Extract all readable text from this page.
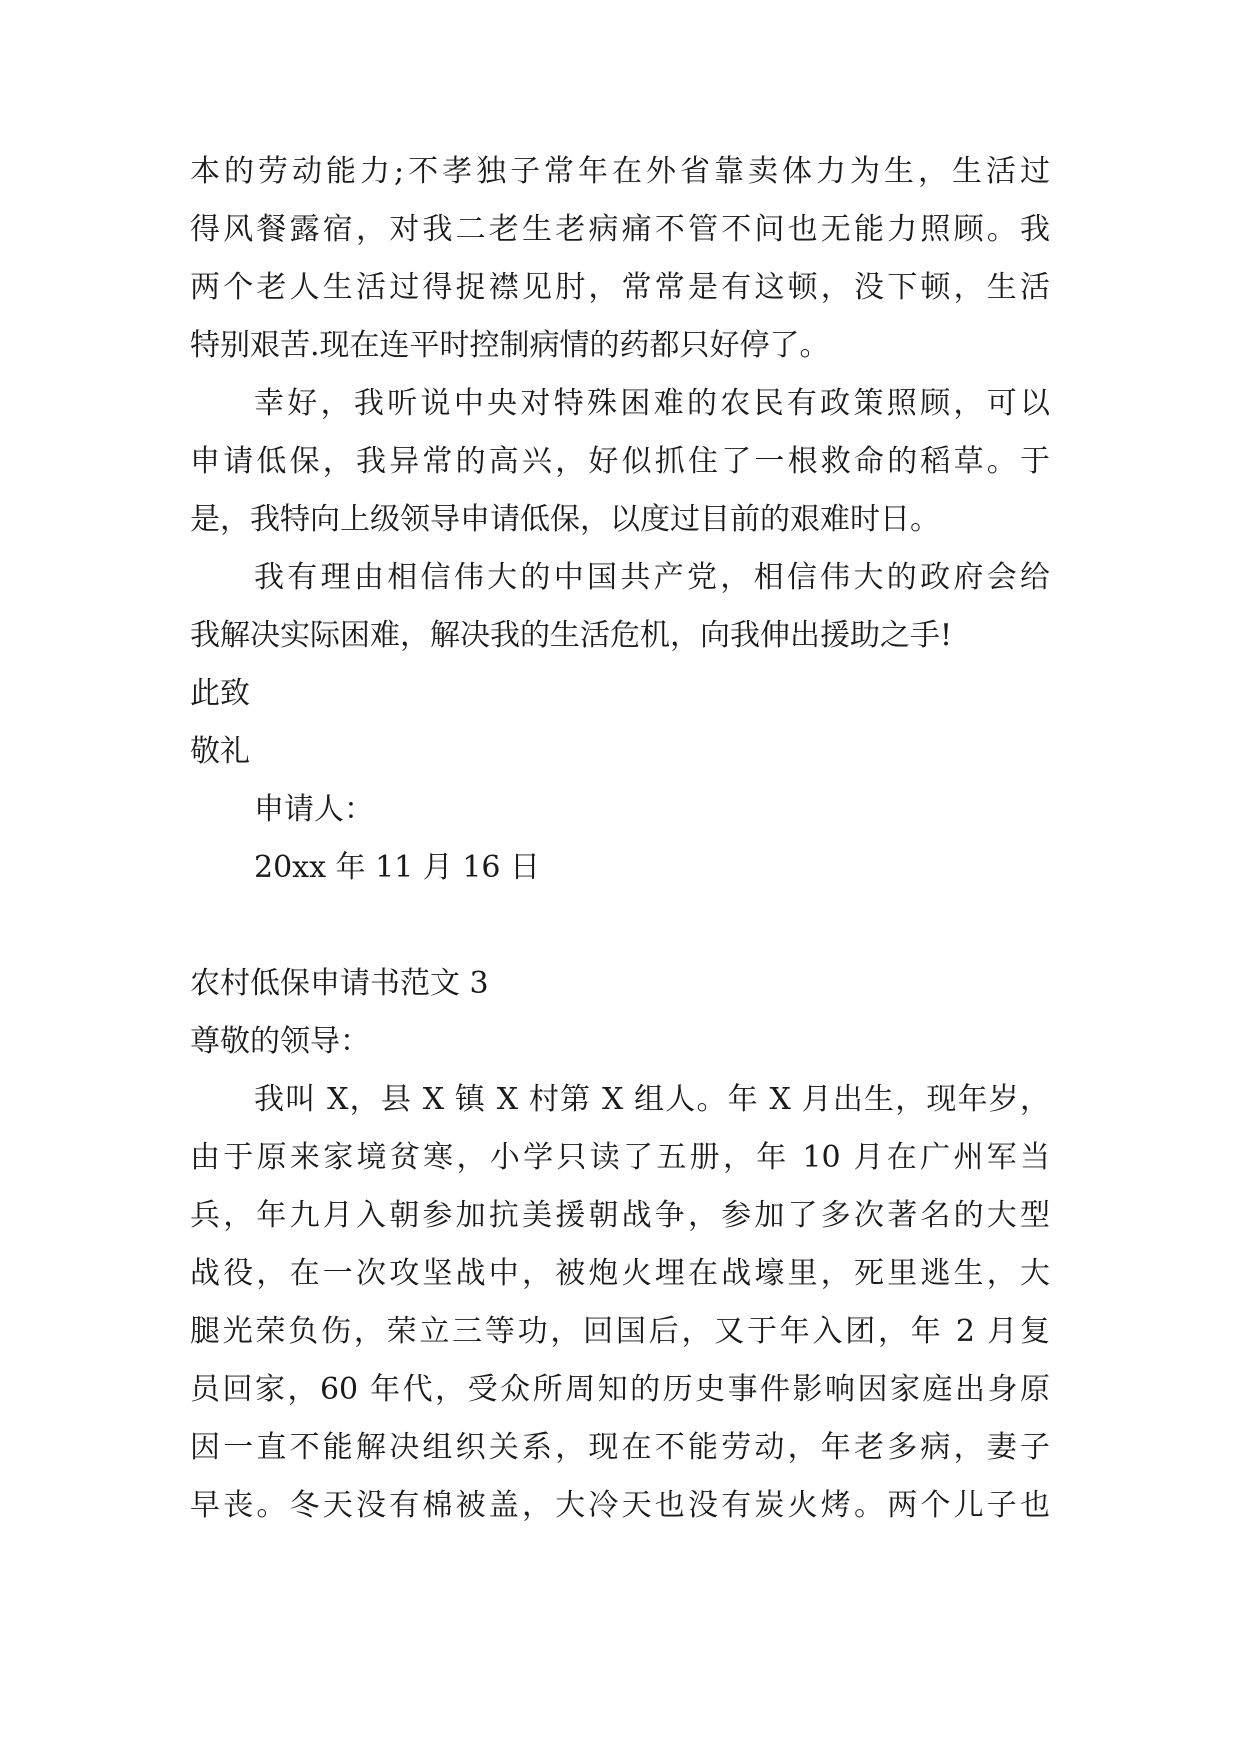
本的劳动能力;不孝独子常年在外省靠卖体力为生，生活过
得风餐露宿，对我二老生老病痛不管不问也无能力照顾。我
两个老人生活过得捉襟见肘，常常是有这顿，没下顿，生活
特别艰苦.现在连平时控制病情的药都只好停了。
幸好，我听说中央对特殊困难的农民有政策照顾，可以
申请低保，我异常的高兴，好似抓住了一根救命的稻草。于
是，我特向上级领导申请低保，以度过目前的艰难时日。
我有理由相信伟大的中国共产党，相信伟大的政府会给
我解决实际困难，解决我的生活危机，向我伸出援助之手!
此致
敬礼
申请人：
20xx 年 11 月 16 日
农村低保申请书范文 3
尊敬的领导：
我叫 X，县 X 镇 X 村第 X 组人。年 X 月出生，现年岁，
由于原来家境贫寒，小学只读了五册，年 10 月在广州军当
兵，年九月入朝参加抗美援朝战争，参加了多次著名的大型
战役，在一次攻坚战中，被炮火埋在战壕里，死里逃生，大
腿光荣负伤，荣立三等功，回国后，又于年入团，年 2 月复
员回家，60 年代，受众所周知的历史事件影响因家庭出身原
因一直不能解决组织关系，现在不能劳动，年老多病，妻子
早丧。冬天没有棉被盖，大冷天也没有炭火烤。两个儿子也
